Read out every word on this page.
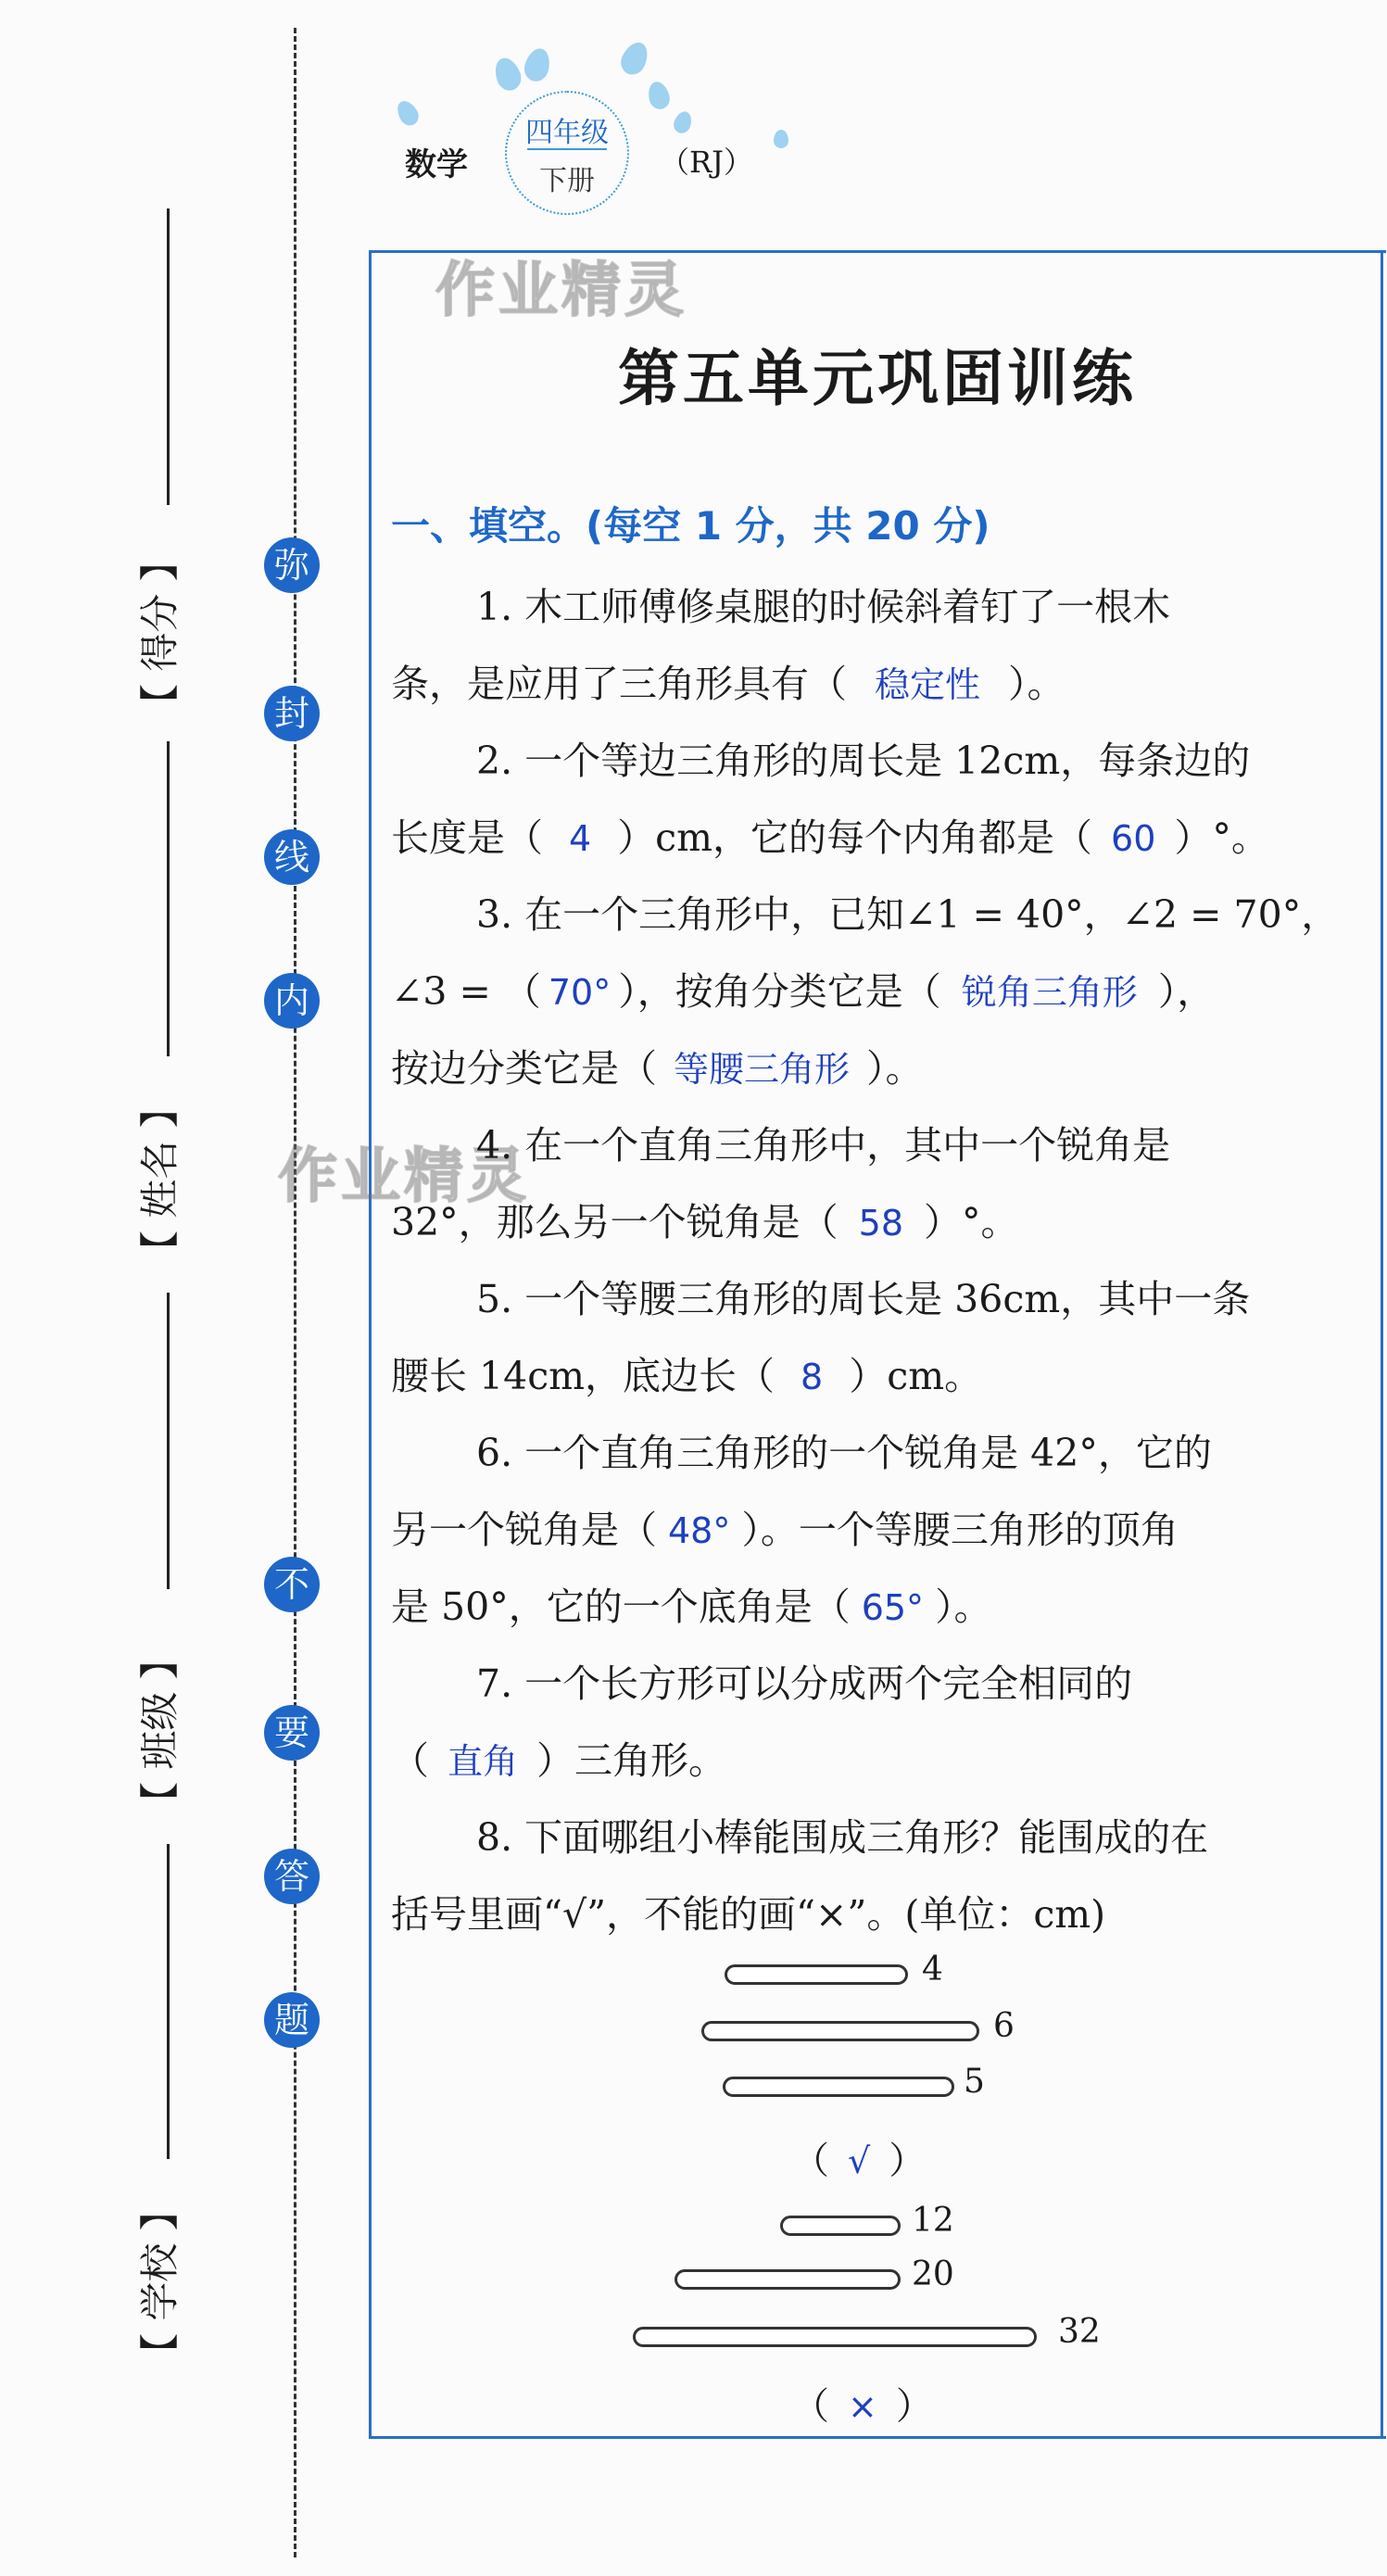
弥
封
线
内
不
要
答
题
【 得分 】
【 姓名 】
【 班级 】
【 学校 】
数学
四年级
下册
（RJ）
作业精灵
作业精灵
第五单元巩固训练
一、填空。(每空 1 分，共 20 分)
1. 木工师傅修桌腿的时候斜着钉了一根木
条，是应用了三角形具有（ 稳定性 ）。
2. 一个等边三角形的周长是 12cm，每条边的
长度是（ 4 ）cm，它的每个内角都是（ 60 ）°。
3. 在一个三角形中，已知∠1 = 40°，∠2 = 70°，
∠3 = （ 70° ），按角分类它是（ 锐角三角形 ），
按边分类它是（ 等腰三角形 ）。
4. 在一个直角三角形中，其中一个锐角是
32°，那么另一个锐角是（ 58 ）°。
5. 一个等腰三角形的周长是 36cm，其中一条
腰长 14cm，底边长（ 8 ）cm。
6. 一个直角三角形的一个锐角是 42°，它的
另一个锐角是（ 48° ）。一个等腰三角形的顶角
是 50°，它的一个底角是（ 65° ）。
7. 一个长方形可以分成两个完全相同的
（ 直角 ）三角形。
8. 下面哪组小棒能围成三角形？能围成的在
括号里画“√”，不能的画“×”。(单位：cm)
4
6
5
（ √ ）
12
20
32
（ × ）
